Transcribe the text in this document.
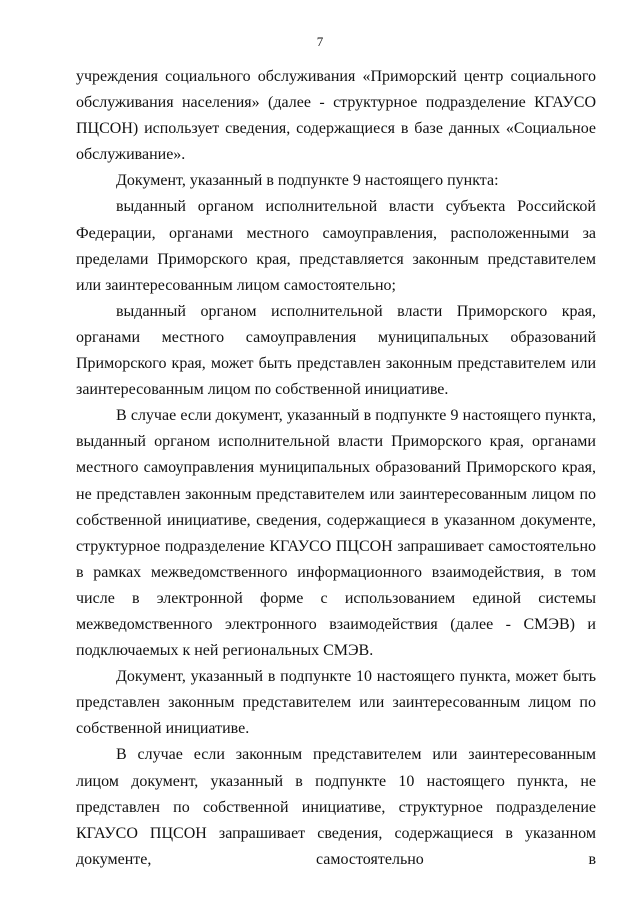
7

учреждения социального обслуживания «Приморский центр социального обслуживания населения» (далее - структурное подразделение КГАУСО ПЦСОН) использует сведения, содержащиеся в базе данных «Социальное обслуживание».

Документ, указанный в подпункте 9 настоящего пункта:

выданный органом исполнительной власти субъекта Российской Федерации, органами местного самоуправления, расположенными за пределами Приморского края, представляется законным представителем или заинтересованным лицом самостоятельно;

выданный органом исполнительной власти Приморского края, органами местного самоуправления муниципальных образований Приморского края, может быть представлен законным представителем или заинтересованным лицом по собственной инициативе.

В случае если документ, указанный в подпункте 9 настоящего пункта, выданный органом исполнительной власти Приморского края, органами местного самоуправления муниципальных образований Приморского края, не представлен законным представителем или заинтересованным лицом по собственной инициативе, сведения, содержащиеся в указанном документе, структурное подразделение КГАУСО ПЦСОН запрашивает самостоятельно в рамках межведомственного информационного взаимодействия, в том числе в электронной форме с использованием единой системы межведомственного электронного взаимодействия (далее - СМЭВ) и подключаемых к ней региональных СМЭВ.

Документ, указанный в подпункте 10 настоящего пункта, может быть представлен законным представителем или заинтересованным лицом по собственной инициативе.

В случае если законным представителем или заинтересованным лицом документ, указанный в подпункте 10 настоящего пункта, не представлен по собственной инициативе, структурное подразделение КГАУСО ПЦСОН запрашивает сведения, содержащиеся в указанном документе, самостоятельно в
